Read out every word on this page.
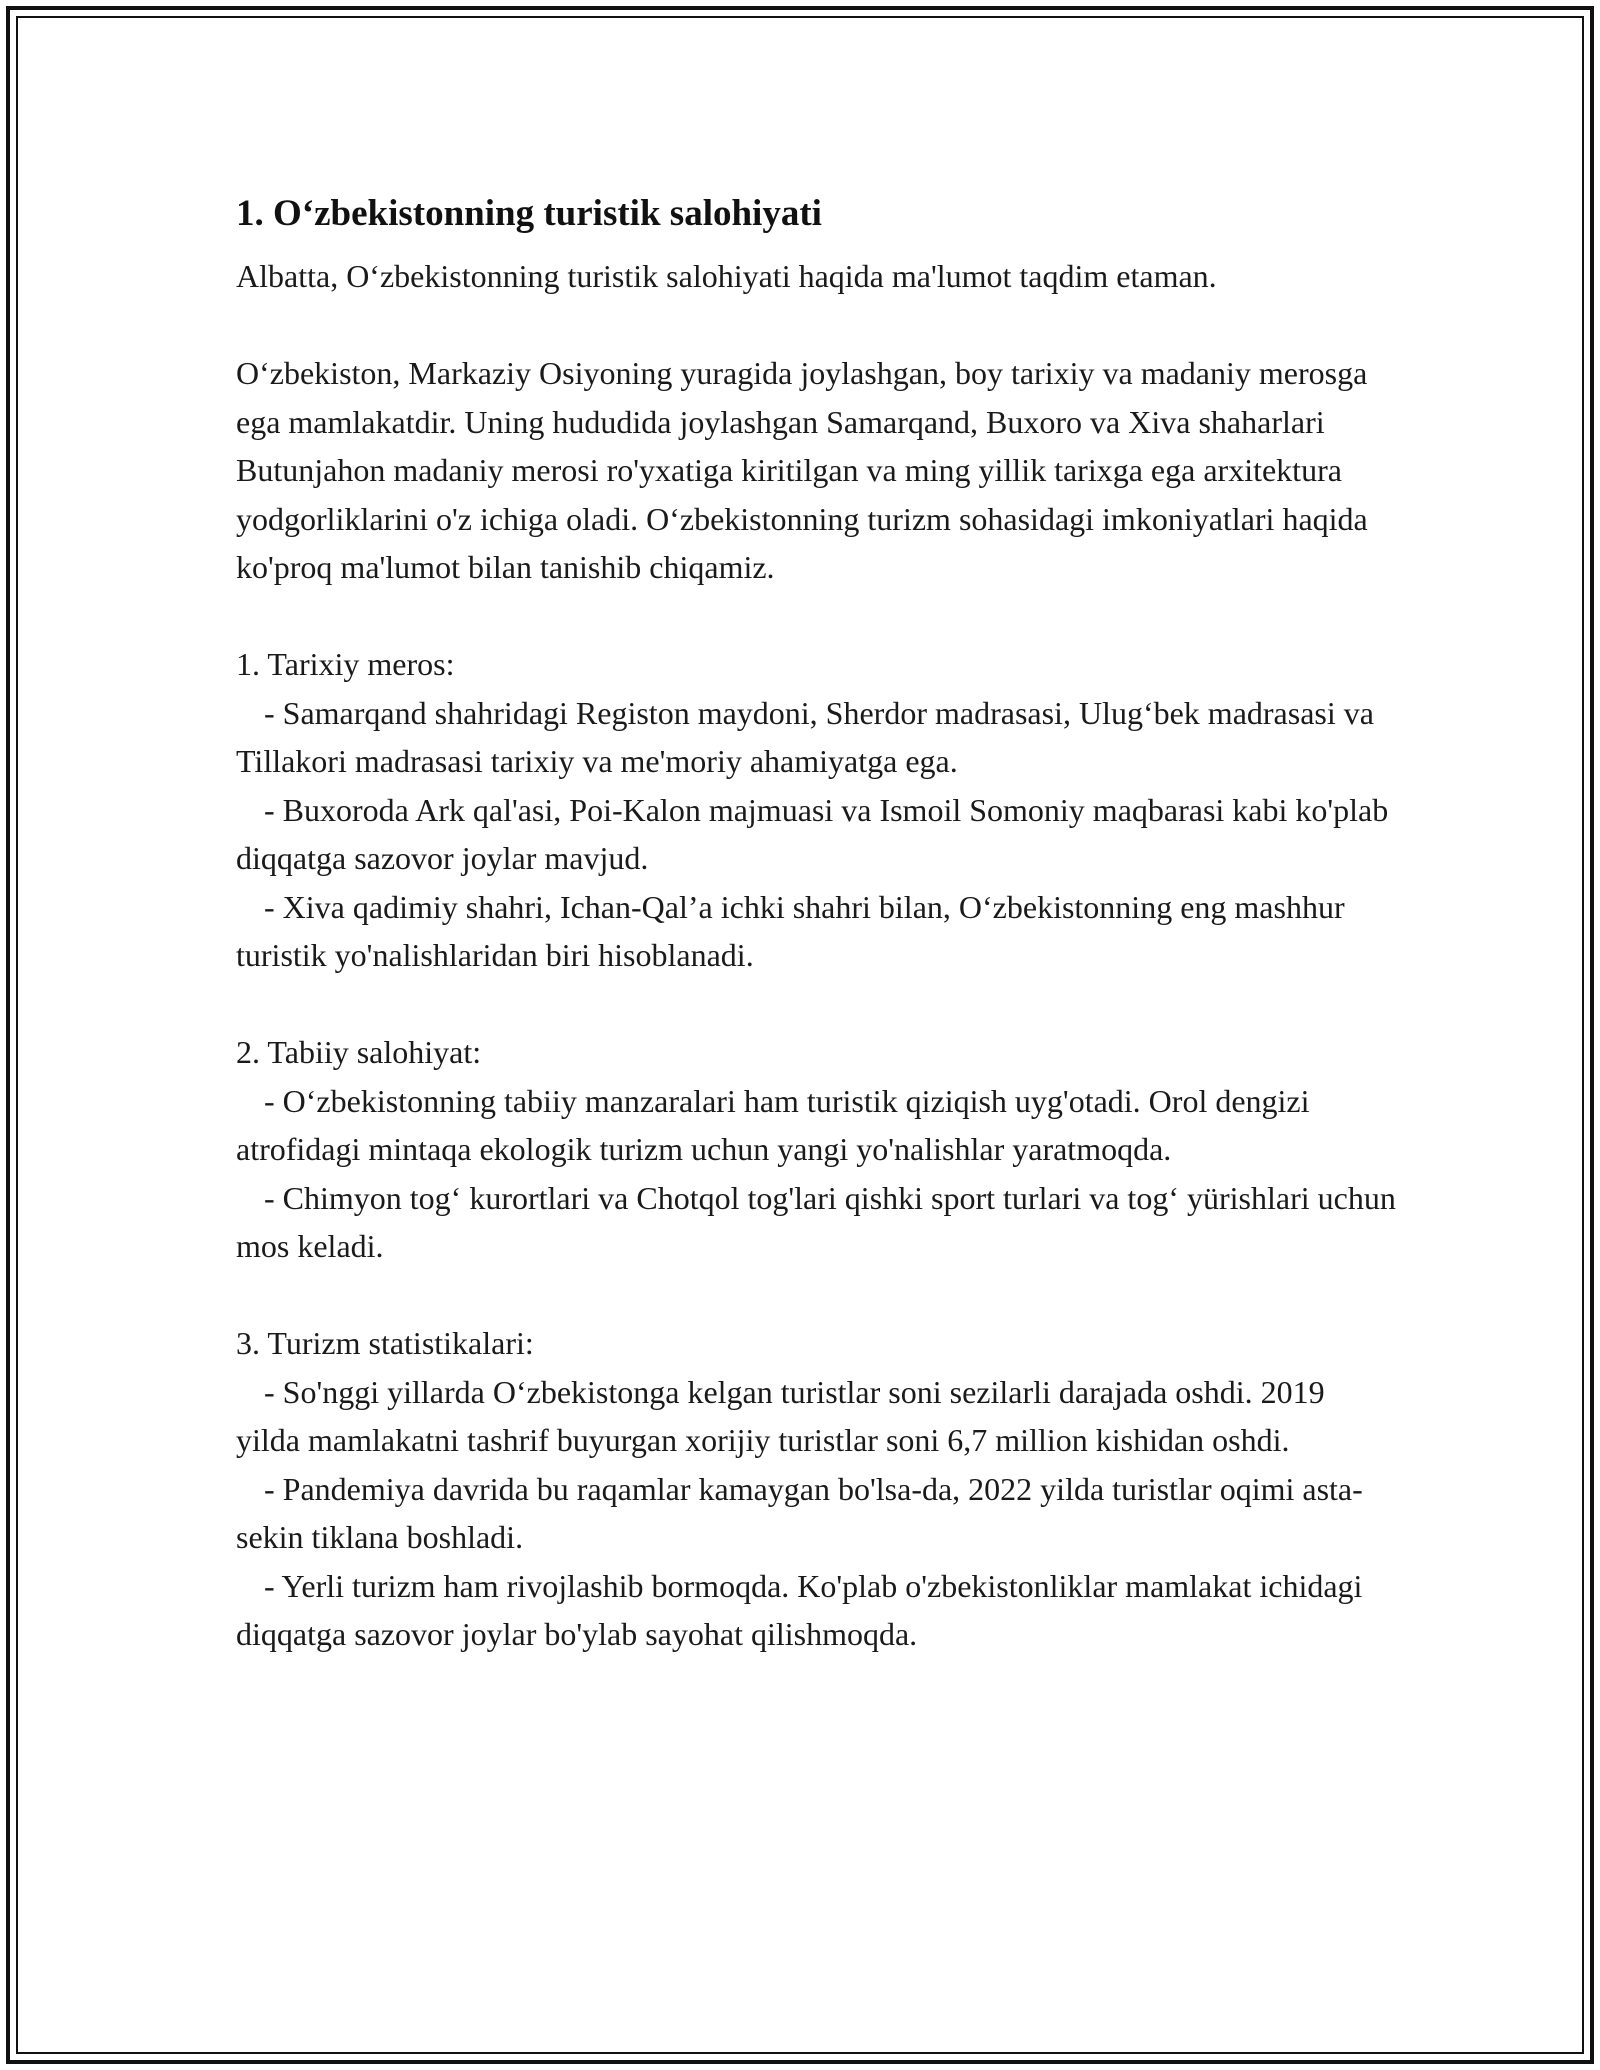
1. O‘zbekistonning turistik salohiyati

Albatta, O‘zbekistonning turistik salohiyati haqida ma'lumot taqdim etaman.

O‘zbekiston, Markaziy Osiyoning yuragida joylashgan, boy tarixiy va madaniy merosga ega mamlakatdir. Uning hududida joylashgan Samarqand, Buxoro va Xiva shaharlari Butunjahon madaniy merosi ro'yxatiga kiritilgan va ming yillik tarixga ega arxitektura yodgorliklarini o'z ichiga oladi. O‘zbekistonning turizm sohasidagi imkoniyatlari haqida ko'proq ma'lumot bilan tanishib chiqamiz.

1. Tarixiy meros:

- Samarqand shahridagi Registon maydoni, Sherdor madrasasi, Ulug‘bek madrasasi va Tillakori madrasasi tarixiy va me'moriy ahamiyatga ega.

- Buxoroda Ark qal'asi, Poi-Kalon majmuasi va Ismoil Somoniy maqbarasi kabi ko'plab diqqatga sazovor joylar mavjud.

- Xiva qadimiy shahri, Ichan-Qal’a ichki shahri bilan, O‘zbekistonning eng mashhur turistik yo'nalishlaridan biri hisoblanadi.

2. Tabiiy salohiyat:

- O‘zbekistonning tabiiy manzaralari ham turistik qiziqish uyg'otadi. Orol dengizi atrofidagi mintaqa ekologik turizm uchun yangi yo'nalishlar yaratmoqda.

- Chimyon tog‘ kurortlari va Chotqol tog'lari qishki sport turlari va tog‘ yürishlari uchun mos keladi.

3. Turizm statistikalari:

- So'nggi yillarda O‘zbekistonga kelgan turistlar soni sezilarli darajada oshdi. 2019 yilda mamlakatni tashrif buyurgan xorijiy turistlar soni 6,7 million kishidan oshdi.

- Pandemiya davrida bu raqamlar kamaygan bo'lsa-da, 2022 yilda turistlar oqimi asta-sekin tiklana boshladi.

- Yerli turizm ham rivojlashib bormoqda. Ko'plab o'zbekistonliklar mamlakat ichidagi diqqatga sazovor joylar bo'ylab sayohat qilishmoqda.
